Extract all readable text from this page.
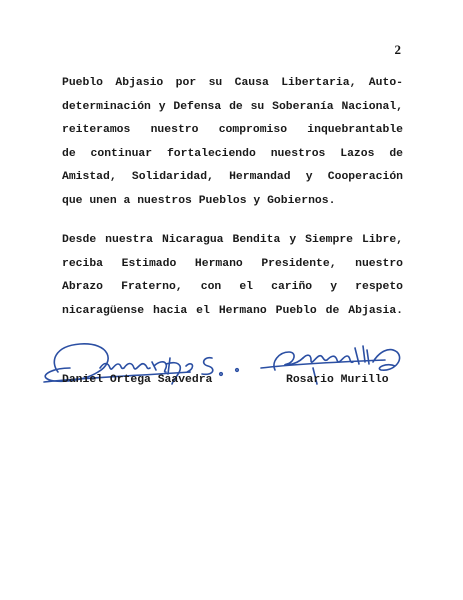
2
Pueblo Abjasio por su Causa Libertaria, Auto-
determinación y Defensa de su Soberanía Nacional,
reiteramos nuestro compromiso inquebrantable
de continuar fortaleciendo nuestros Lazos de
Amistad, Solidaridad, Hermandad y Cooperación
que unen a nuestros Pueblos y Gobiernos.
Desde nuestra Nicaragua Bendita y Siempre Libre,
reciba Estimado Hermano Presidente, nuestro
Abrazo Fraterno, con el cariño y respeto
nicaragüense hacia el Hermano Pueblo de Abjasia.
Daniel Ortega Saavedra	Rosario Murillo
